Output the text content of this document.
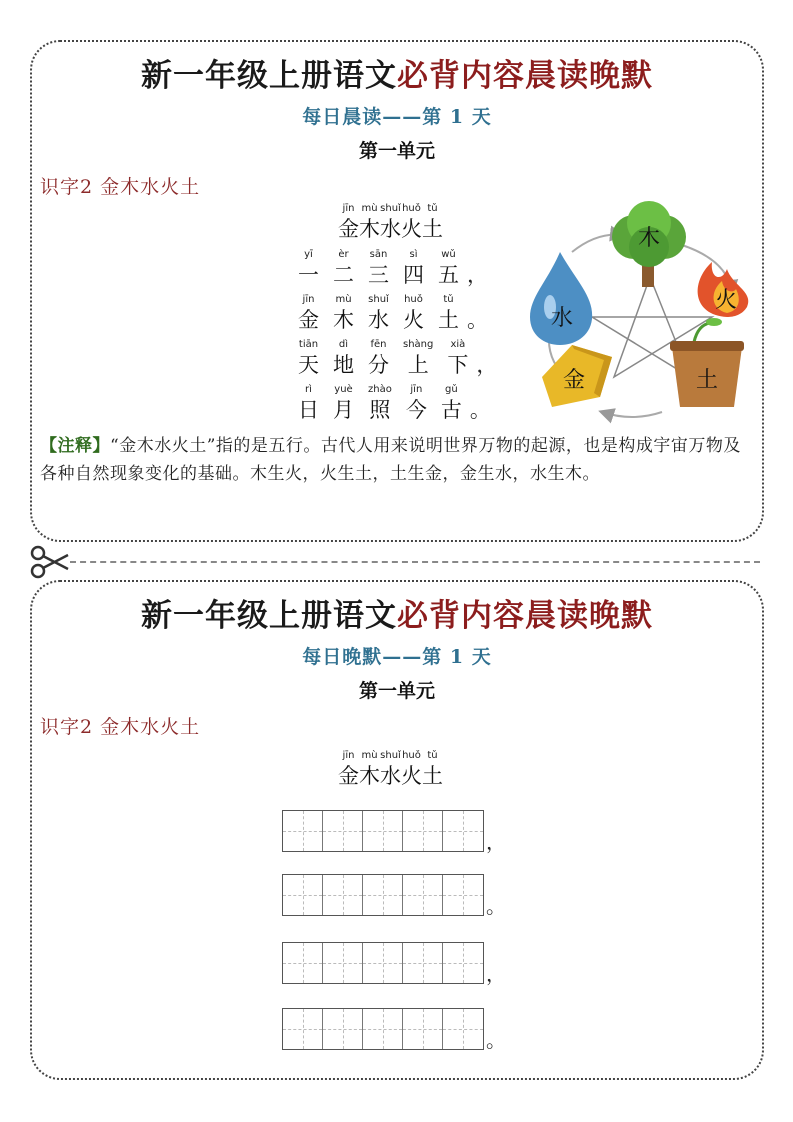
新一年级上册语文必背内容晨读晚默
每日晨读——第 1 天
第一单元
识字2 金木水火土
jīn
金
mù
木
shuǐ
水
huǒ
火
tǔ
土
yī
一
èr
二
sān
三
sì
四
wǔ
五 ，
jīn
金
mù
木
shuǐ
水
huǒ
火
tǔ
土 。
tiān
天
dì
地
fēn
分
shàng
上
xià
下 ，
rì
日
yuè
月
zhào
照
jīn
今
gǔ
古 。
木
火
水
金	土
【注释】“金木水火土”指的是五行。古代人用来说明世界万物的起源，也是构成宇宙万物及各种自然现象变化的基础。木生火，火生土，土生金，金生水，水生木。
新一年级上册语文必背内容晨读晚默
每日晚默——第 1 天
第一单元
识字2 金木水火土
jīn
金
mù
木
shuǐ
水
huǒ
火
tǔ
土
，
。
，
。
